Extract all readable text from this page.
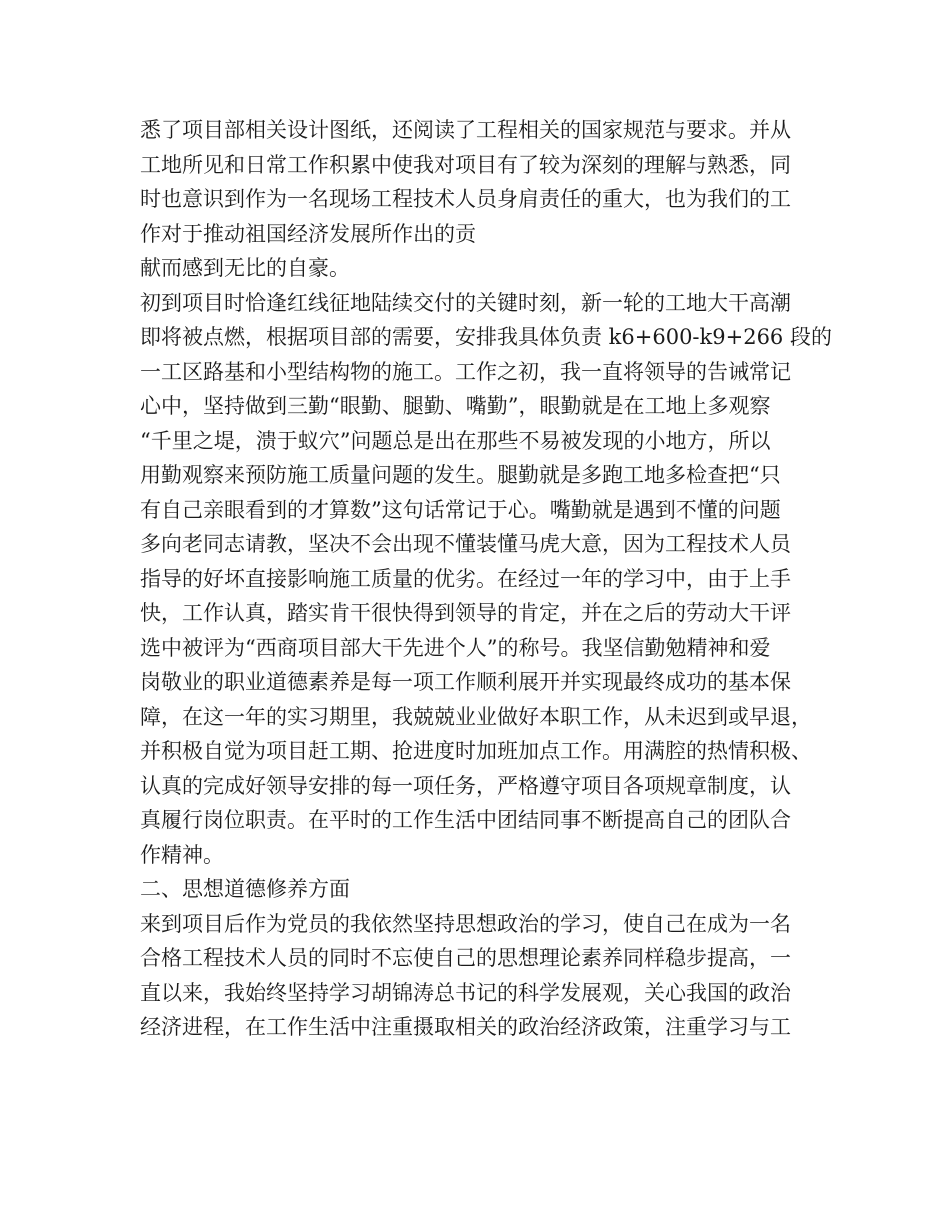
悉了项目部相关设计图纸，还阅读了工程相关的国家规范与要求。并从
工地所见和日常工作积累中使我对项目有了较为深刻的理解与熟悉，同
时也意识到作为一名现场工程技术人员身肩责任的重大，也为我们的工
作对于推动祖国经济发展所作出的贡
献而感到无比的自豪。
初到项目时恰逢红线征地陆续交付的关键时刻，新一轮的工地大干高潮
即将被点燃，根据项目部的需要，安排我具体负责 k6+600-k9+266 段的
一工区路基和小型结构物的施工。工作之初，我一直将领导的告诫常记
心中，坚持做到三勤“眼勤、腿勤、嘴勤”，眼勤就是在工地上多观察
“千里之堤，溃于蚁穴”问题总是出在那些不易被发现的小地方，所以
用勤观察来预防施工质量问题的发生。腿勤就是多跑工地多检查把“只
有自己亲眼看到的才算数”这句话常记于心。嘴勤就是遇到不懂的问题
多向老同志请教，坚决不会出现不懂装懂马虎大意，因为工程技术人员
指导的好坏直接影响施工质量的优劣。在经过一年的学习中，由于上手
快，工作认真，踏实肯干很快得到领导的肯定，并在之后的劳动大干评
选中被评为“西商项目部大干先进个人”的称号。我坚信勤勉精神和爱
岗敬业的职业道德素养是每一项工作顺利展开并实现最终成功的基本保
障，在这一年的实习期里，我兢兢业业做好本职工作，从未迟到或早退，
并积极自觉为项目赶工期、抢进度时加班加点工作。用满腔的热情积极、
认真的完成好领导安排的每一项任务，严格遵守项目各项规章制度，认
真履行岗位职责。在平时的工作生活中团结同事不断提高自己的团队合
作精神。
二、思想道德修养方面
来到项目后作为党员的我依然坚持思想政治的学习，使自己在成为一名
合格工程技术人员的同时不忘使自己的思想理论素养同样稳步提高，一
直以来，我始终坚持学习胡锦涛总书记的科学发展观，关心我国的政治
经济进程，在工作生活中注重摄取相关的政治经济政策，注重学习与工
